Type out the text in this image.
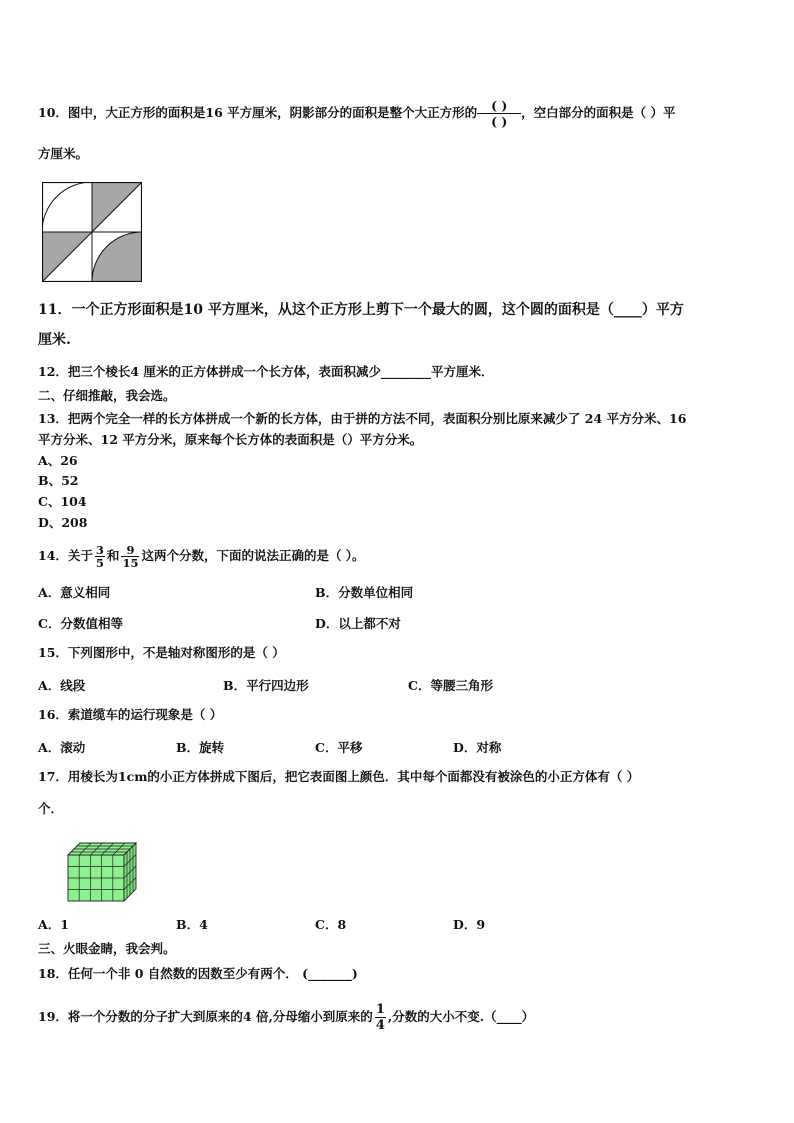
10．图中，大正方形的面积是16 平方厘米，阴影部分的面积是整个大正方形的 $\frac{( )}{( )}$，空白部分的面积是（ ）平
方厘米。
11．一个正方形面积是10 平方厘米，从这个正方形上剪下一个最大的圆，这个圆的面积是（____）平方
厘米.
12．把三个棱长4 厘米的正方体拼成一个长方体，表面积减少________平方厘米．
二、仔细推敲，我会选。
13．把两个完全一样的长方体拼成一个新的长方体，由于拼的方法不同，表面积分别比原来减少了 24 平方分米、16
平方分米、12 平方分米，原来每个长方体的表面积是（）平方分米。
A、26
B、52
C、104
D、208
14．关于 $\frac{3}{5}$ 和 $\frac{9}{15}$ 这两个分数，下面的说法正确的是（ ）。
A．意义相同	B．分数单位相同
C．分数值相等	D．以上都不对
15．下列图形中，不是轴对称图形的是（ ）
A．线段	B．平行四边形	C．等腰三角形
16．索道缆车的运行现象是（ ）
A．滚动	B．旋转	C．平移	D．对称
17．用棱长为1cm的小正方体拼成下图后，把它表面图上颜色．其中每个面都没有被涂色的小正方体有（ ）
个．
A．1	B．4	C．8	D．9
三、火眼金睛，我会判。
18．任何一个非 0 自然数的因数至少有两个． (_______)
19．将一个分数的分子扩大到原来的4 倍,分母缩小到原来的 $\frac{1}{4}$ ,分数的大小不变.（____）
